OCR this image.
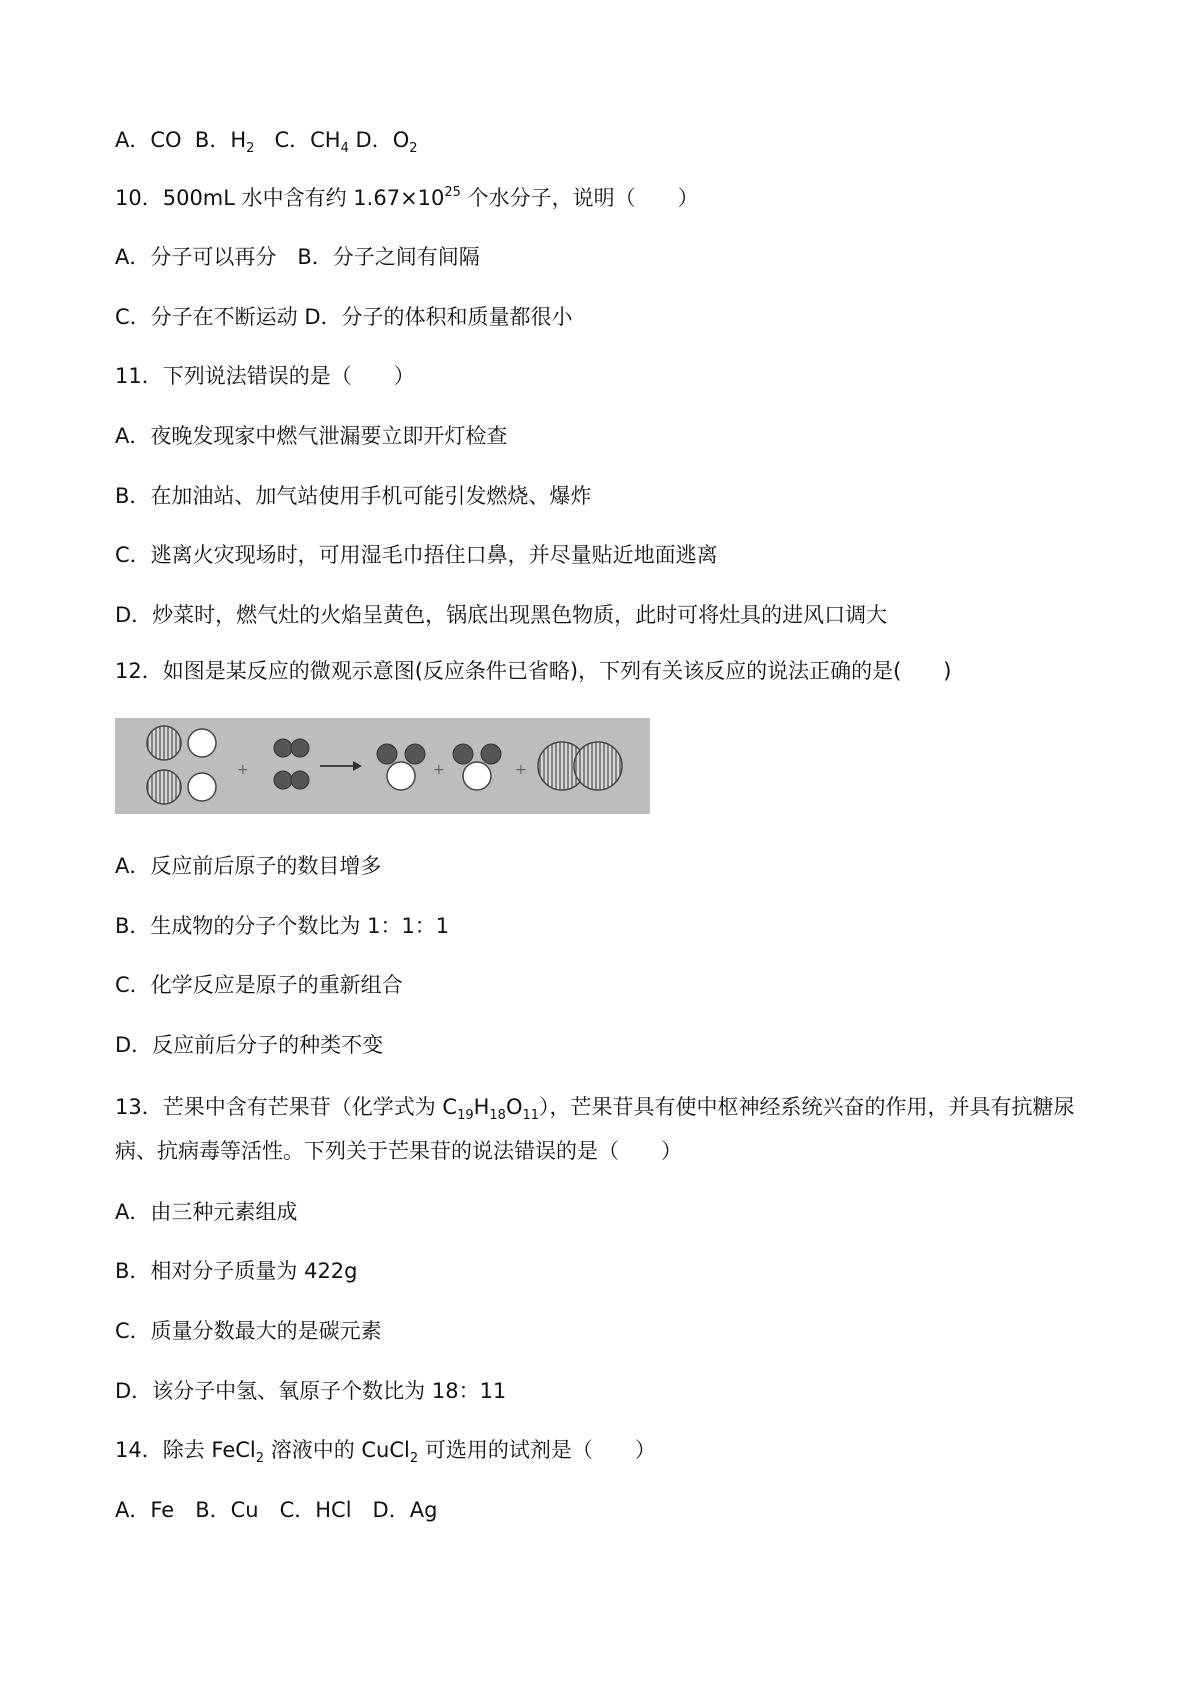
A．CO B．$H_2$ C．$CH_4$ D．$O_2$
10．500mL 水中含有约 $1.67\times 10^{25}$ 个水分子，说明（　　）
A．分子可以再分　B．分子之间有间隔
C．分子在不断运动 D．分子的体积和质量都很小
11．下列说法错误的是（　　）
A．夜晚发现家中燃气泄漏要立即开灯检查
B．在加油站、加气站使用手机可能引发燃烧、爆炸
C．逃离火灾现场时，可用湿毛巾捂住口鼻，并尽量贴近地面逃离
D．炒菜时，燃气灶的火焰呈黄色，锅底出现黑色物质，此时可将灶具的进风口调大
12．如图是某反应的微观示意图(反应条件已省略)，下列有关该反应的说法正确的是(　　)
+	+	+
A．反应前后原子的数目增多
B．生成物的分子个数比为 1：1：1
C．化学反应是原子的重新组合
D．反应前后分子的种类不变
13．芒果中含有芒果苷（化学式为 $C_{19}H_{18}O_{11}$），芒果苷具有使中枢神经系统兴奋的作用，并具有抗糖尿病、抗病毒等活性。下列关于芒果苷的说法错误的是（　　）
A．由三种元素组成
B．相对分子质量为 422g
C．质量分数最大的是碳元素
D．该分子中氢、氧原子个数比为 18：11
14．除去 FeCl$_2$ 溶液中的 CuCl$_2$ 可选用的试剂是（　　）
A．Fe　B．Cu　C．HCl　D．Ag
